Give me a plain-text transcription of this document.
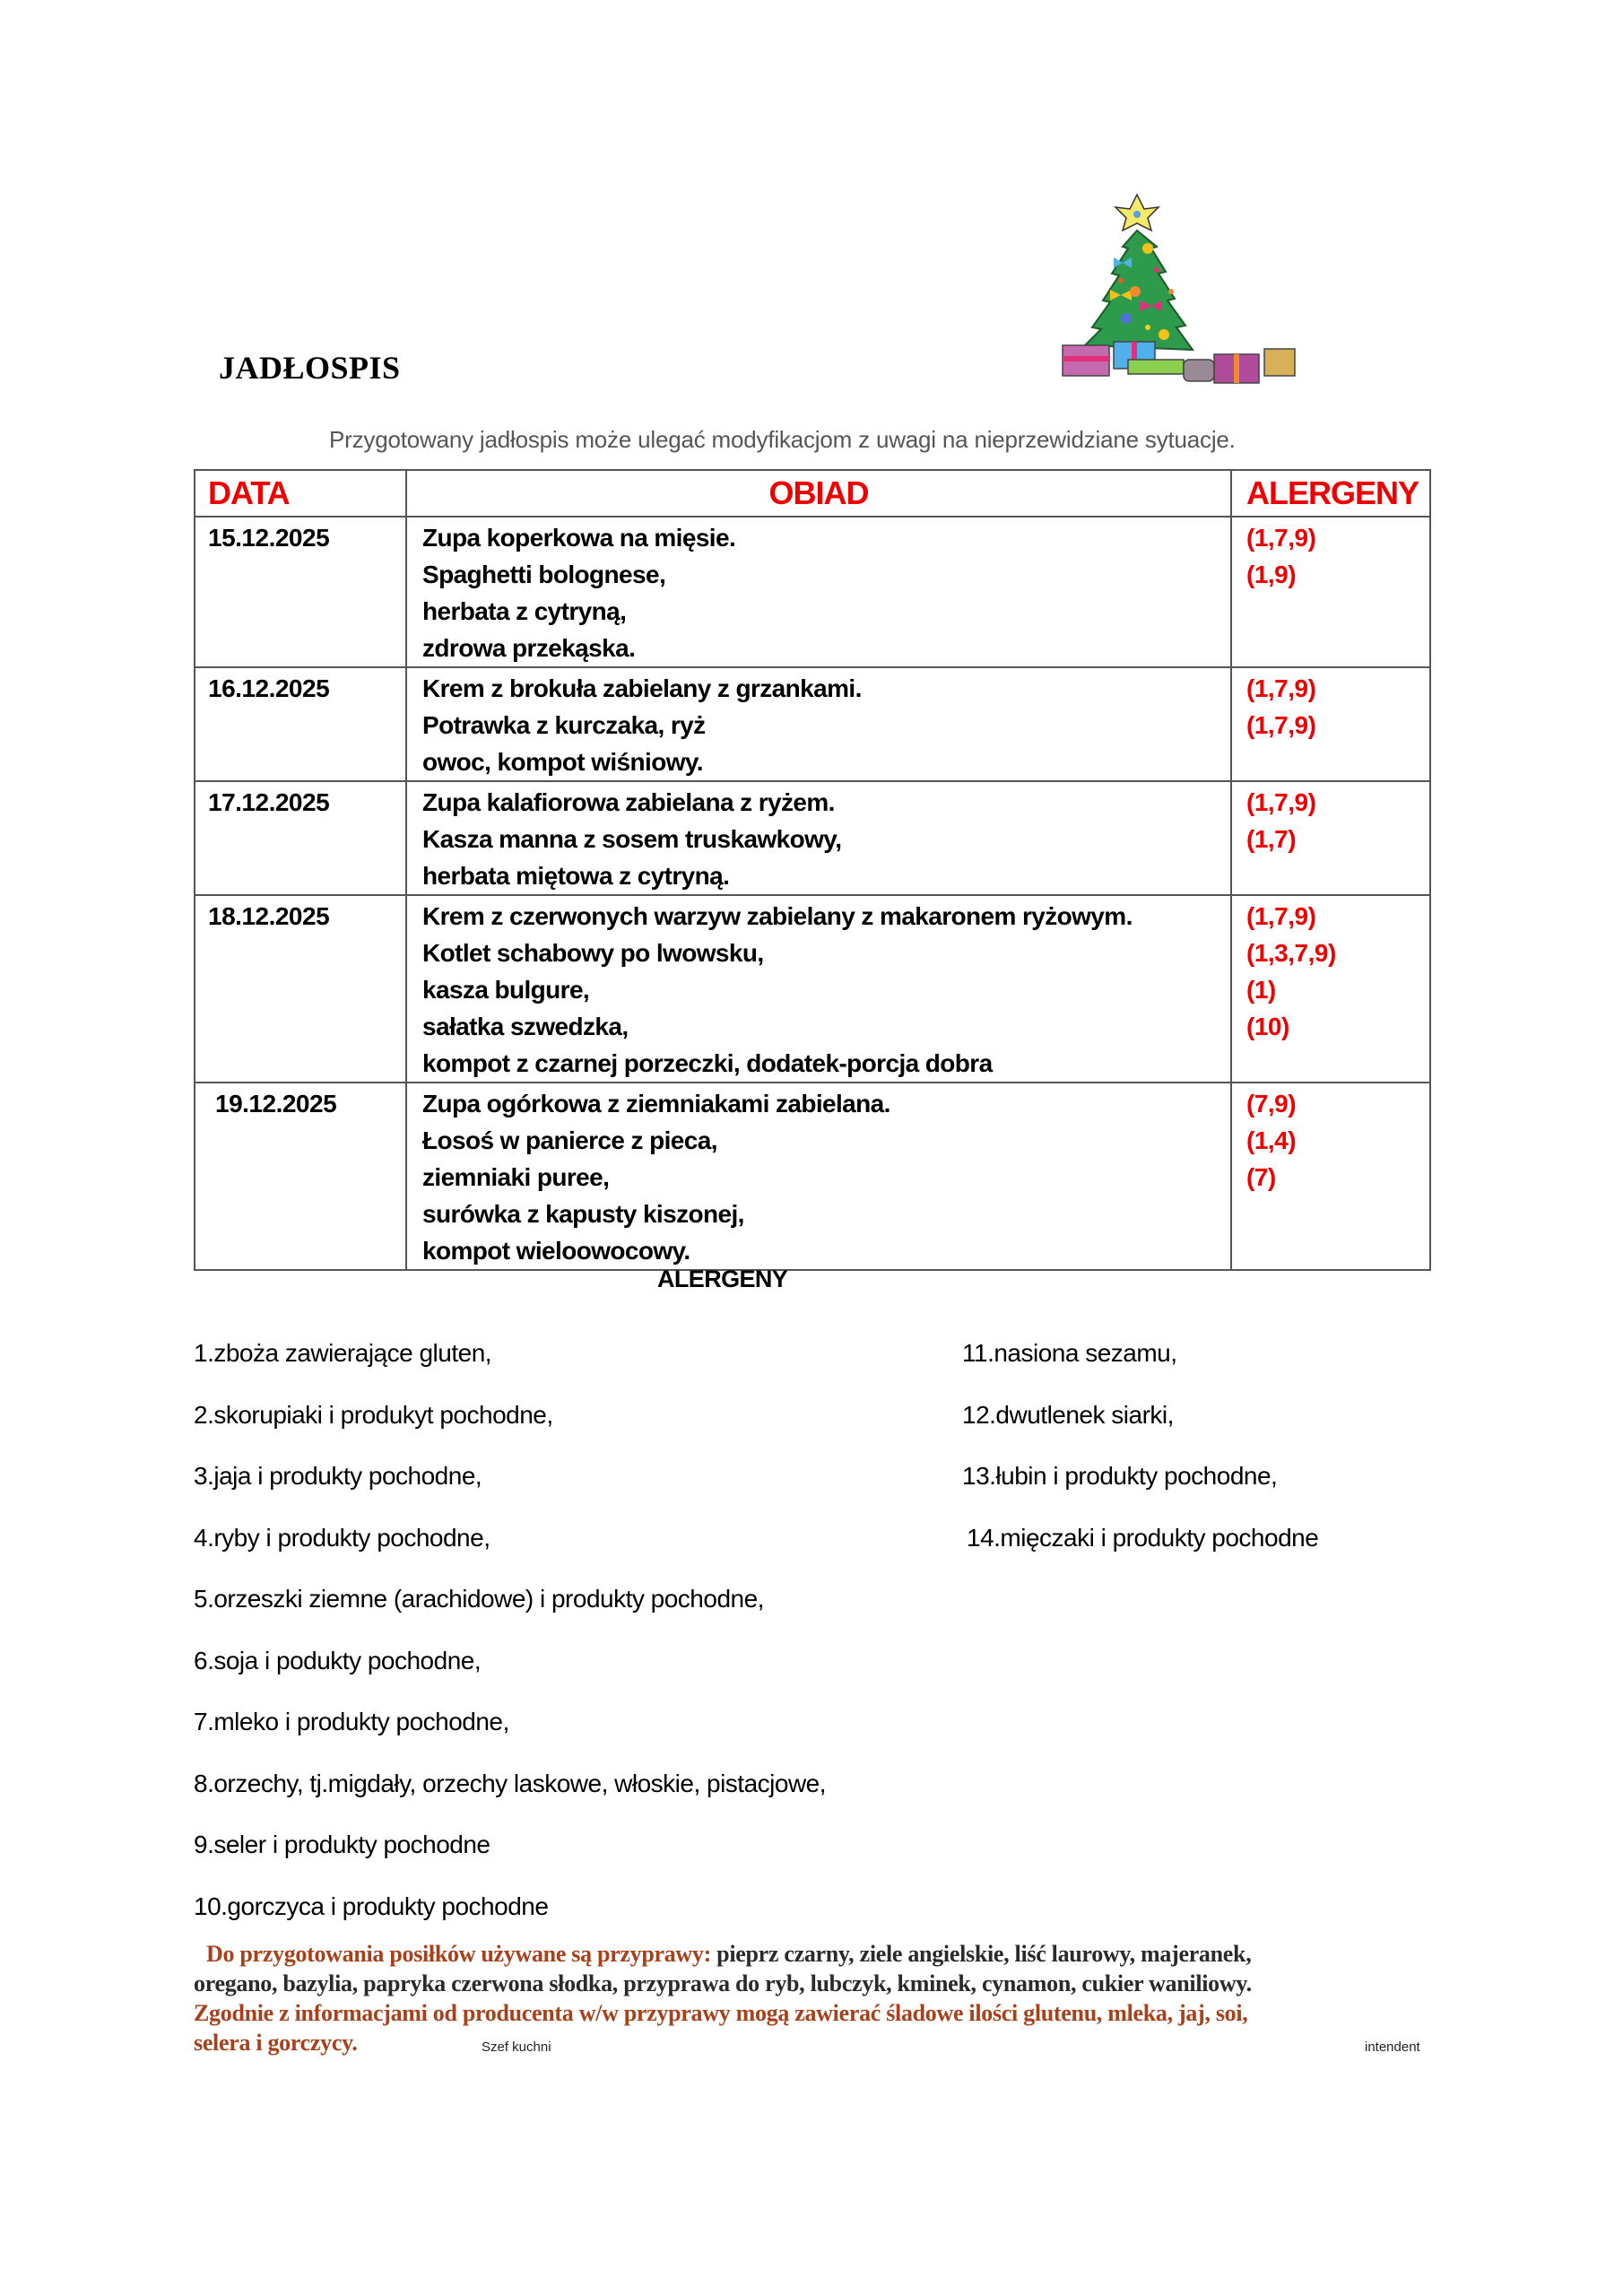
JADŁOSPIS
Przygotowany jadłospis może ulegać modyfikacjom z uwagi na nieprzewidziane sytuacje.
DATA	OBIAD	ALERGENY
15.12.2025	Zupa koperkowa na mięsie.
Spaghetti bolognese,
herbata z cytryną,
zdrowa przekąska.	(1,7,9)
(1,9)

16.12.2025	Krem z brokuła zabielany z grzankami.
Potrawka z kurczaka, ryż
owoc, kompot wiśniowy.	(1,7,9)
(1,7,9)

17.12.2025	Zupa kalafiorowa zabielana z ryżem.
Kasza manna z sosem truskawkowy,
herbata miętowa z cytryną.	(1,7,9)
(1,7)

18.12.2025	Krem z czerwonych warzyw zabielany z makaronem ryżowym.
Kotlet schabowy po lwowsku,
kasza bulgure,
sałatka szwedzka,
kompot z czarnej porzeczki, dodatek-porcja dobra	(1,7,9)
(1,3,7,9)
(1)
(10)

19.12.2025	Zupa ogórkowa z ziemniakami zabielana.
Łosoś w panierce z pieca,
ziemniaki puree,
surówka z kapusty kiszonej,
kompot wieloowocowy.	(7,9)
(1,4)
(7)
ALERGENY
1.zboża zawierające gluten,
2.skorupiaki i produkyt pochodne,
3.jaja i produkty pochodne,
4.ryby i produkty pochodne,
5.orzeszki ziemne (arachidowe) i produkty pochodne,
6.soja i podukty pochodne,
7.mleko i produkty pochodne,
8.orzechy, tj.migdały, orzechy laskowe, włoskie, pistacjowe,
9.seler i produkty pochodne
10.gorczyca i produkty pochodne
11.nasiona sezamu,
12.dwutlenek siarki,
13.łubin i produkty pochodne,
14.mięczaki i produkty pochodne
Do przygotowania posiłków używane są przyprawy: pieprz czarny, ziele angielskie, liść laurowy, majeranek,
oregano, bazylia, papryka czerwona słodka, przyprawa do ryb, lubczyk, kminek, cynamon, cukier waniliowy.
Zgodnie z informacjami od producenta w/w przyprawy mogą zawierać śladowe ilości glutenu, mleka, jaj, soi,
selera i gorczycy.	Szef kuchni	intendent
